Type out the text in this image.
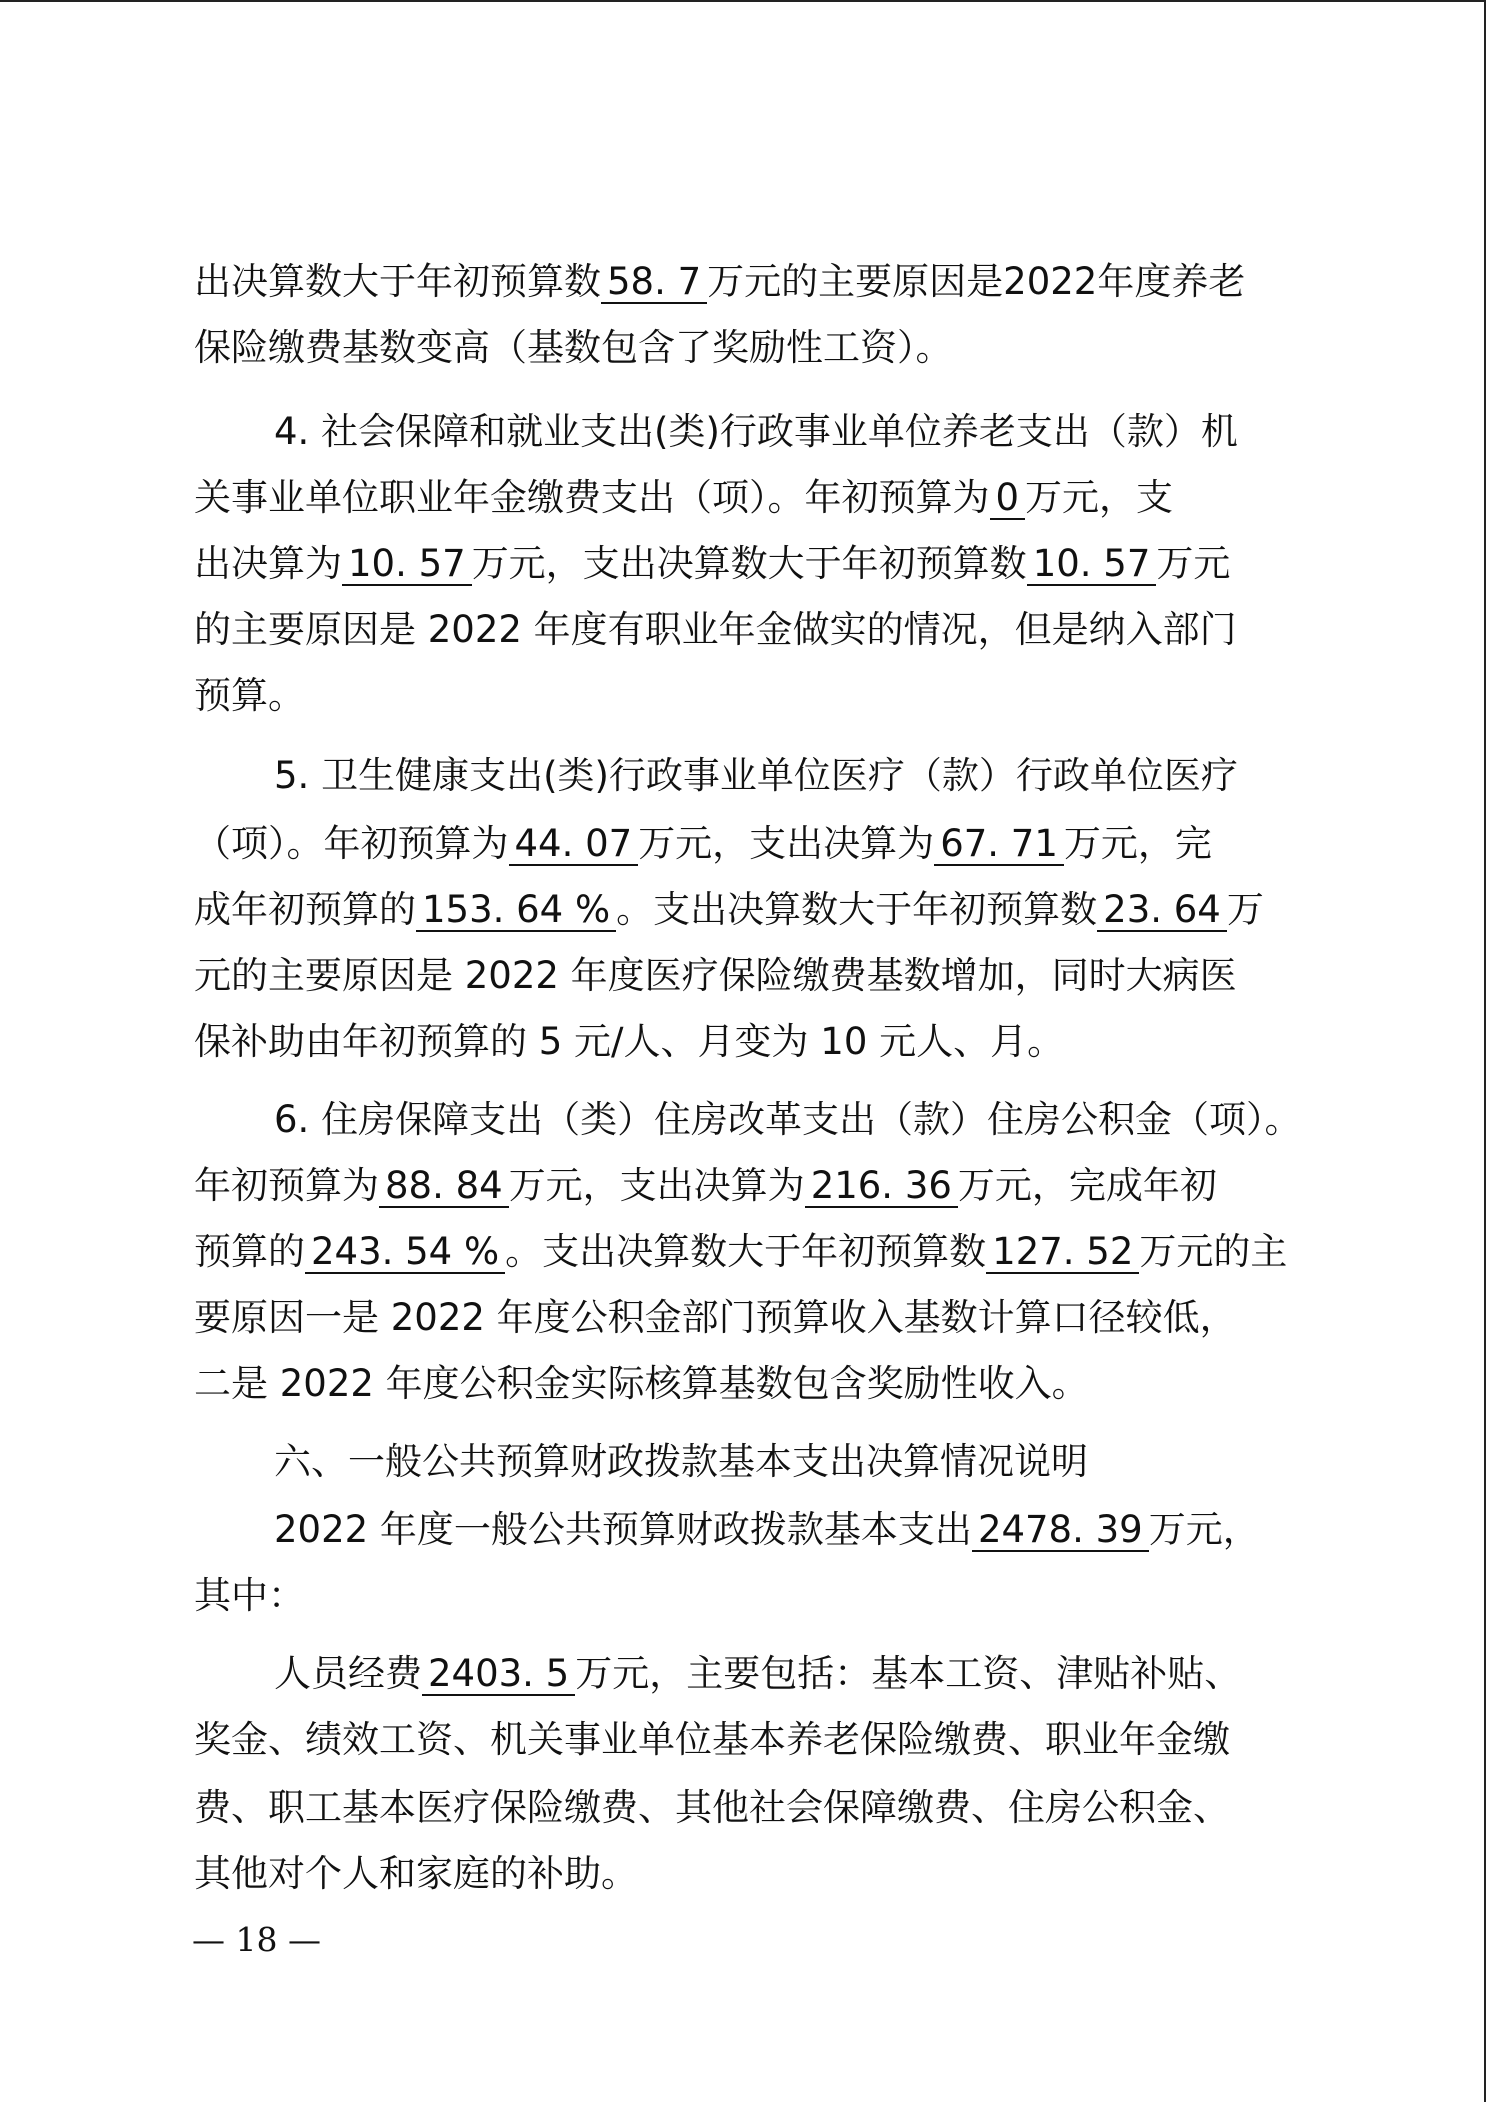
出决算数大于年初预算数 58. 7 万元的主要原因是2022年度养老
保险缴费基数变高（基数包含了奖励性工资）。
4. 社会保障和就业支出(类)行政事业单位养老支出（款）机
关事业单位职业年金缴费支出（项）。年初预算为 0 万元，支
出决算为 10. 57 万元，支出决算数大于年初预算数 10. 57 万元
的主要原因是 2022 年度有职业年金做实的情况，但是纳入部门
预算。
5. 卫生健康支出(类)行政事业单位医疗（款）行政单位医疗
（项）。年初预算为 44. 07 万元，支出决算为 67. 71 万元，完
成年初预算的 153. 64 % 。支出决算数大于年初预算数 23. 64 万
元的主要原因是 2022 年度医疗保险缴费基数增加，同时大病医
保补助由年初预算的 5 元/人、月变为 10 元人、月。
6. 住房保障支出（类）住房改革支出（款）住房公积金（项）。
年初预算为 88. 84 万元，支出决算为 216. 36 万元，完成年初
预算的 243. 54 % 。支出决算数大于年初预算数 127. 52 万元的主
要原因一是 2022 年度公积金部门预算收入基数计算口径较低，
二是 2022 年度公积金实际核算基数包含奖励性收入。
六、一般公共预算财政拨款基本支出决算情况说明
2022 年度一般公共预算财政拨款基本支出 2478. 39 万元，
其中：
人员经费 2403. 5 万元，主要包括：基本工资、津贴补贴、
奖金、绩效工资、机关事业单位基本养老保险缴费、职业年金缴
费、职工基本医疗保险缴费、其他社会保障缴费、住房公积金、
其他对个人和家庭的补助。
— 18 —
